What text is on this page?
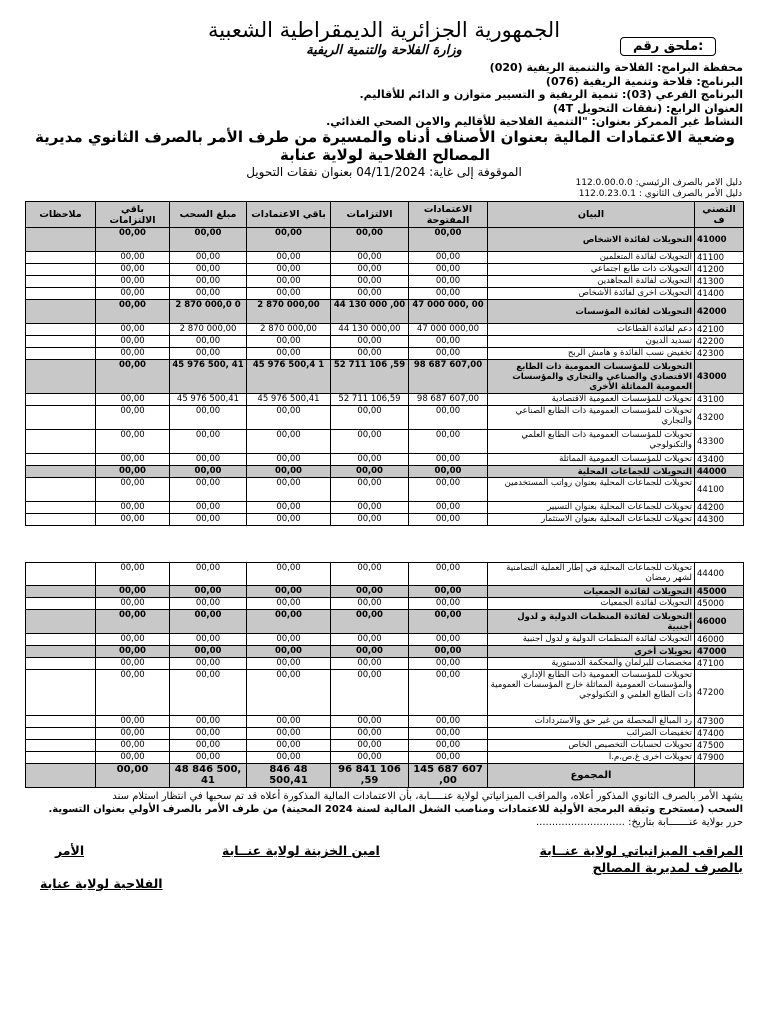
الجمهورية الجزائرية الديمقراطية الشعبية
وزارة الفلاحة والتنمية الريفية	ملحق رقم:
محفظة البرامج: الفلاحة والتنمية الريفية (020)
البرنامج: فلاحة وتنمية الريفية (076)
البرنامج الفرعي (03): تنمية الريفية و التسيير متوازن و الدائم للأقاليم.
العنوان الرابع: (نفقات التحويل 4T)
النشاط غير الممركز بعنوان: "التنمية الفلاحية للأقاليم والامن الصحي الغذائي.
وضعية الاعتمادات المالية بعنوان الأصناف أدناه والمسيرة من طرف الأمر بالصرف الثانوي مديرية المصالح الفلاحية لولاية عنابة
الموقوفة إلى غاية: 04/11/2024 بعنوان نفقات التحويل
دليل الامر بالصرف الرئيسي: 112.0.00.0.0
دليل الأمر بالصرف الثانوي : 112.0.23.0.1
ملاحظات	باقي الالتزامات	مبلغ السحب	باقي الاعتمادات	الالتزامات	الاعتمادات المفتوحة	البيان	التصني ف
	00,00	00,00	00,00	00,00	00,00	التحويلات لفائدة الاشخاص	41000
	00,00	00,00	00,00	00,00	00,00	التحويلات لفائدة المتعلمين	41100
	00,00	00,00	00,00	00,00	00,00	التحويلات ذات طابع اجتماعي	41200
	00,00	00,00	00,00	00,00	00,00	التحويلات لفائدة المجاهدين	41300
	00,00	00,00	00,00	00,00	00,00	التحويلات اخرى لفائدة الأشخاص	41400
	00,00	2 870 000,0 0	2 870 000,00	44 130 000 ,00	47 000 000, 00	التحويلات لفائدة المؤسسات	42000
	00,00	2 870 000,00	2 870 000,00	44 130 000,00	47 000 000,00	دعم لفائدة القطاعات	42100
	00,00	00,00	00,00	00,00	00,00	تسديد الديون	42200
	00,00	00,00	00,00	00,00	00,00	تخفيض نسب الفائدة و هامش الربح	42300
	00,00	45 976 500, 41	45 976 500,4 1	52 711 106 ,59	98 687 607,00	التحويلات للمؤسسات العمومية ذات الطابع الاقتصادي والصناعي والتجاري والمؤسسات العمومية المماثلة الأخرى	43000
	00,00	45 976 500,41	45 976 500,41	52 711 106,59	98 687 607,00	تحويلات للمؤسسات العمومية الاقتصادية	43100
	00,00	00,00	00,00	00,00	00,00	تحويلات للمؤسسات العمومية ذات الطابع الصناعي والتجاري	43200
	00,00	00,00	00,00	00,00	00,00	تحويلات للمؤسسات العمومية ذات الطابع العلمي والتكنولوجي	43300
	00,00	00,00	00,00	00,00	00,00	تحويلات للمؤسسات العمومية المماثلة	43400
	00,00	00,00	00,00	00,00	00,00	التحويلات للجماعات المحلية	44000
	00,00	00,00	00,00	00,00	00,00	تحويلات للجماعات المحلية بعنوان رواتب المستخدمين	44100
	00,00	00,00	00,00	00,00	00,00	تحويلات للجماعات المحلية بعنوان التسيير	44200
	00,00	00,00	00,00	00,00	00,00	تحويلات للجماعات المحلية بعنوان الاستثمار	44300
	00,00	00,00	00,00	00,00	00,00	تحويلات للجماعات المحلية في إطار العملية التضامنية لشهر رمضان	44400
	00,00	00,00	00,00	00,00	00,00	التحويلات لفائدة الجمعيات	45000
	00,00	00,00	00,00	00,00	00,00	التحويلات لفائدة الجمعيات	45000
	00,00	00,00	00,00	00,00	00,00	التحويلات لفائدة المنظمات الدولية و لدول أجنبية	46000
	00,00	00,00	00,00	00,00	00,00	التحويلات لفائدة المنظمات الدولية و لدول أجنبية	46000
	00,00	00,00	00,00	00,00	00,00	تحويلات أخرى	47000
	00,00	00,00	00,00	00,00	00,00	مخصصات للبرلمان والمحكمة الدستورية	47100
	00,00	00,00	00,00	00,00	00,00	تحويلات للمؤسسات العمومية ذات الطابع الإداري والمؤسسات العمومية المماثلة خارج المؤسسات العمومية ذات الطابع العلمي و التكنولوجي	47200
	00,00	00,00	00,00	00,00	00,00	رد المبالغ المحصلة من غير حق والاستردادات	47300
	00,00	00,00	00,00	00,00	00,00	تخفيضات الضرائب	47400
	00,00	00,00	00,00	00,00	00,00	تحويلات لحسابات التخصيص الخاص	47500
	00,00	00,00	00,00	00,00	00,00	تحويلات أخرى غ.ص.م.ا	47900
	00,00	48 846 500, 41	846 48 500,41	96 841 106 ,59	145 687 607 ,00	المجموع	
يشهد الأمر بالصرف الثانوي المذكور أعلاه، والمراقب الميزانياتي لولاية عنـــــابة، بأن الاعتمادات المالية المذكورة أعلاه قد تم سحبها في انتظار استلام سند
السحب (مستخرج وثيقة البرمجة الأولية للاعتمادات ومناصب الشغل المالية لسنة 2024 المحينة) من طرف الأمر بالصرف الأولي بعنوان التسوية.
حرر بولاية عنـــــــابة بتاريخ: ............................
المراقب الميزانياتي لولاية عنــابة
امين الخزينة لولاية عنــابة
الأمر
بالصرف لمديرية المصالح
الفلاحية لولاية عنابة
